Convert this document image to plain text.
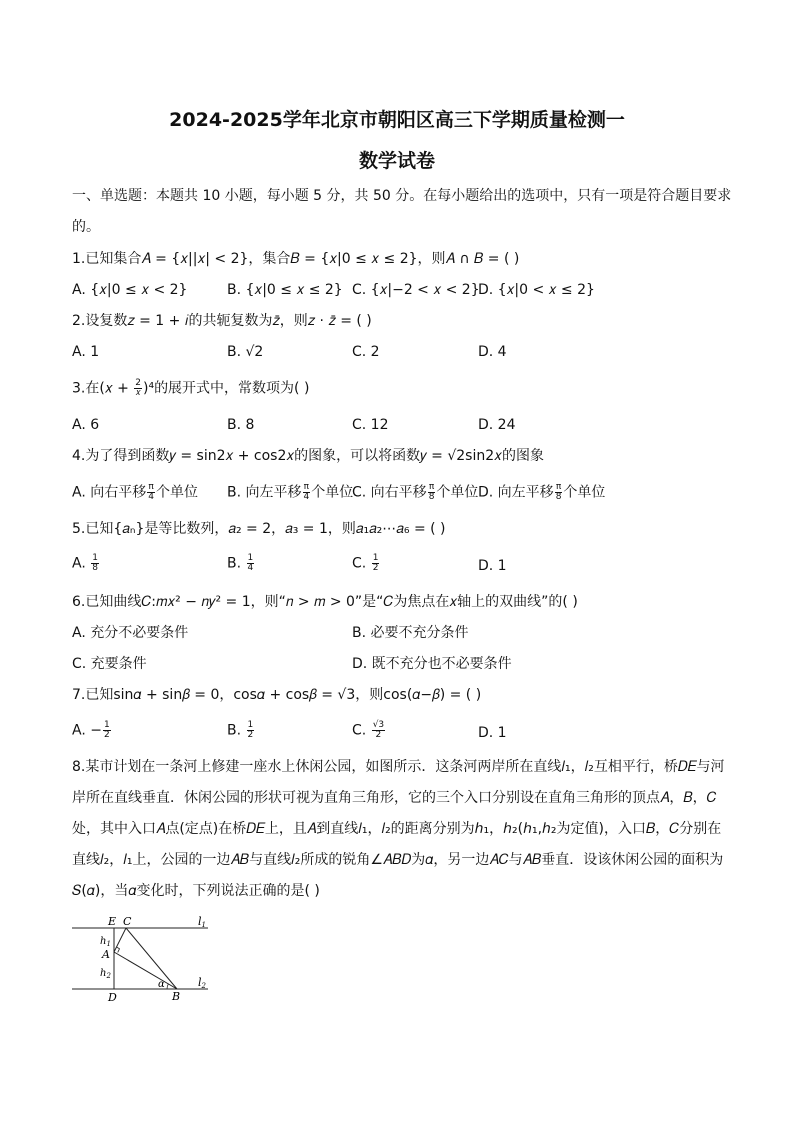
2024-2025学年北京市朝阳区高三下学期质量检测一
数学试卷
一、单选题：本题共 10 小题，每小题 5 分，共 50 分。在每小题给出的选项中，只有一项是符合题目要求
的。
1.已知集合𝐴 = {𝑥||𝑥| < 2}，集合𝐵 = {𝑥|0 ≤ 𝑥 ≤ 2}，则𝐴 ∩ 𝐵 = ( )
A. {𝑥|0 ≤ 𝑥 < 2}	B. {𝑥|0 ≤ 𝑥 ≤ 2} C. {𝑥|−2 < 𝑥 < 2}
D. {𝑥|0 < 𝑥 ≤ 2}
2.设复数𝑧 = 1 + 𝑖的共轭复数为𝑧̄，则𝑧 · 𝑧̄ = ( )
A. 1	B. √2	C. 2	D. 4
3.在(𝑥 + $\frac{2}{\text{𝑥}} )^4$的展开式中，常数项为( )
A. 6	B. 8	C. 12	D. 24
4.为了得到函数𝑦 = sin2𝑥 + cos2𝑥的图象，可以将函数𝑦 = √2sin2𝑥的图象
A. 向右平移 $\frac{\pi}{4}$ 个单位 B. 向左平移 $\frac{\pi}{4}$ 个单位
C. 向右平移 $\frac{\pi}{8}$ 个单位 D. 向左平移 $\frac{\pi}{8}$ 个单位
5.已知{𝑎ₙ}是等比数列，𝑎₂ = 2，𝑎₃ = 1，则𝑎₁𝑎₂⋯𝑎₆ = ( )
A. $\frac{1}{8}$	B. $\frac{1}{4}$	C. $\frac{1}{2}$	D. 1
6.已知曲线𝐶:𝑚𝑥² − 𝑛𝑦² = 1，则“𝑛 > 𝑚 > 0”是“𝐶为焦点在𝑥轴上的双曲线”的( )
A. 充分不必要条件	B. 必要不充分条件
C. 充要条件	D. 既不充分也不必要条件
7.已知sin𝛼 + sin𝛽 = 0，cos𝛼 + cos𝛽 = √3，则cos(𝛼−𝛽) = ( )
A. − $\frac{1}{2}$	B. $\frac{1}{2}$	C. $\frac{√3}{2}$	D. 1
8.某市计划在一条河上修建一座水上休闲公园，如图所示．这条河两岸所在直线𝑙₁，𝑙₂互相平行，桥𝐷𝐸与河岸所在直线垂直．休闲公园的形状可视为直角三角形，它的三个入口分别设在直角三角形的顶点𝐴，𝐵，𝐶处，其中入口𝐴点(定点)在桥𝐷𝐸上，且𝐴到直线𝑙₁，𝑙₂的距离分别为ℎ₁，ℎ₂(ℎ₁,ℎ₂为定值)，入口𝐵，𝐶分别在直线𝑙₂，𝑙₁上，公园的一边𝐴𝐵与直线𝑙₂所成的锐角∠𝐴𝐵𝐷为𝛼，另一边𝐴𝐶与𝐴𝐵垂直．设该休闲公园的面积为𝑆(𝛼)，当𝛼变化时，下列说法正确的是( )
E C	l1
$h_1$
A
$h_2$
D
α
B
l2
